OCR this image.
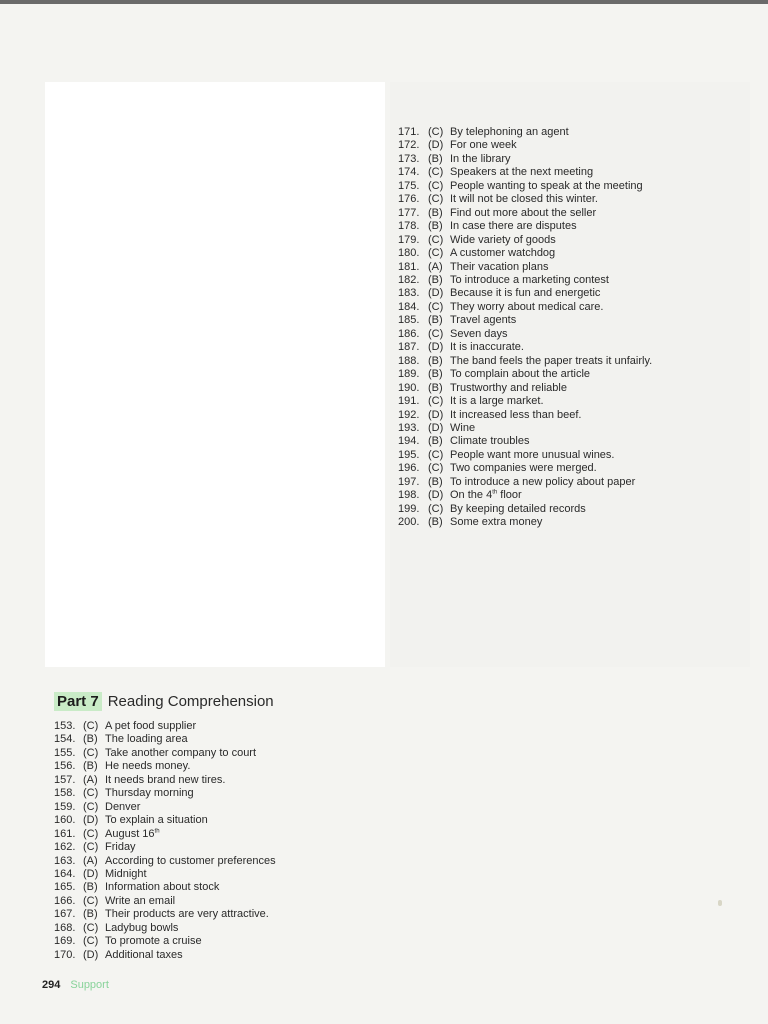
171. (C) By telephoning an agent
172. (D) For one week
173. (B) In the library
174. (C) Speakers at the next meeting
175. (C) People wanting to speak at the meeting
176. (C) It will not be closed this winter.
177. (B) Find out more about the seller
178. (B) In case there are disputes
179. (C) Wide variety of goods
180. (C) A customer watchdog
181. (A) Their vacation plans
182. (B) To introduce a marketing contest
183. (D) Because it is fun and energetic
184. (C) They worry about medical care.
185. (B) Travel agents
186. (C) Seven days
187. (D) It is inaccurate.
188. (B) The band feels the paper treats it unfairly.
189. (B) To complain about the article
190. (B) Trustworthy and reliable
191. (C) It is a large market.
192. (D) It increased less than beef.
193. (D) Wine
194. (B) Climate troubles
195. (C) People want more unusual wines.
196. (C) Two companies were merged.
197. (B) To introduce a new policy about paper
198. (D) On the 4th floor
199. (C) By keeping detailed records
200. (B) Some extra money
Part 7 Reading Comprehension
153. (C) A pet food supplier
154. (B) The loading area
155. (C) Take another company to court
156. (B) He needs money.
157. (A) It needs brand new tires.
158. (C) Thursday morning
159. (C) Denver
160. (D) To explain a situation
161. (C) August 16th
162. (C) Friday
163. (A) According to customer preferences
164. (D) Midnight
165. (B) Information about stock
166. (C) Write an email
167. (B) Their products are very attractive.
168. (C) Ladybug bowls
169. (C) To promote a cruise
170. (D) Additional taxes
294 Support
